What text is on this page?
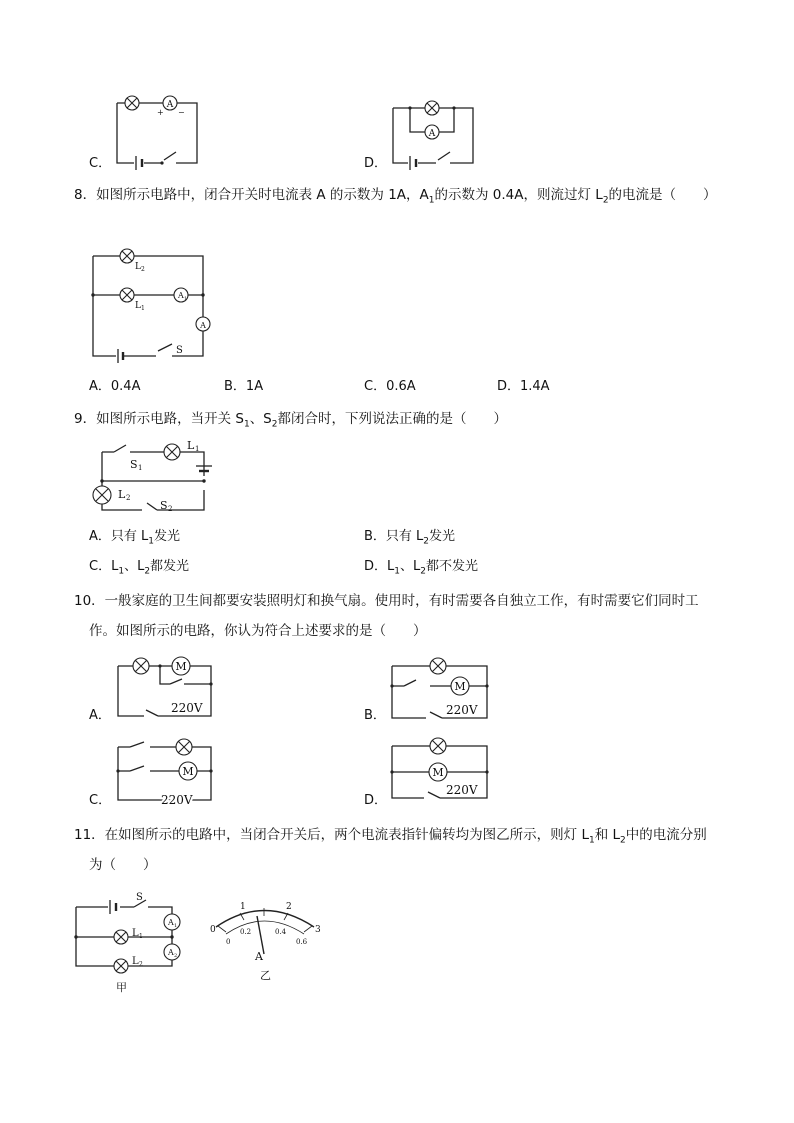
C．
A
+ −
D．
A
8．如图所示电路中，闭合开关时电流表 A 的示数为 1A，$A_1$的示数为 0.4A，则流过灯 $L_2$的电流是（　　）
L 2
L 1
A 1
A
S
A．0.4A	B．1A	C．0.6A	D．1.4A
9．如图所示电路，当开关 $S_1$、$S_2$都闭合时，下列说法正确的是（　　）
L 1
S 1
L 2
S 2
A．只有 $L_1$发光	B．只有 $L_2$发光
C．$L_1$、$L_2$都发光	D．$L_1$、$L_2$都不发光
10．一般家庭的卫生间都要安装照明灯和换气扇。使用时，有时需要各自独立工作，有时需要它们同时工
作。如图所示的电路，你认为符合上述要求的是（　　）
A．
M
220V	B．
M
220V
C．
M
220V	D．
M
220V
11．在如图所示的电路中，当闭合开关后，两个电流表指针偏转均为图乙所示，则灯 $L_1$和 $L_2$中的电流分别
为（　　）
S
A 1
A 2
L 1
L 2
甲
0
1	2
3
0
0.2	0.4
0.6
A
乙
